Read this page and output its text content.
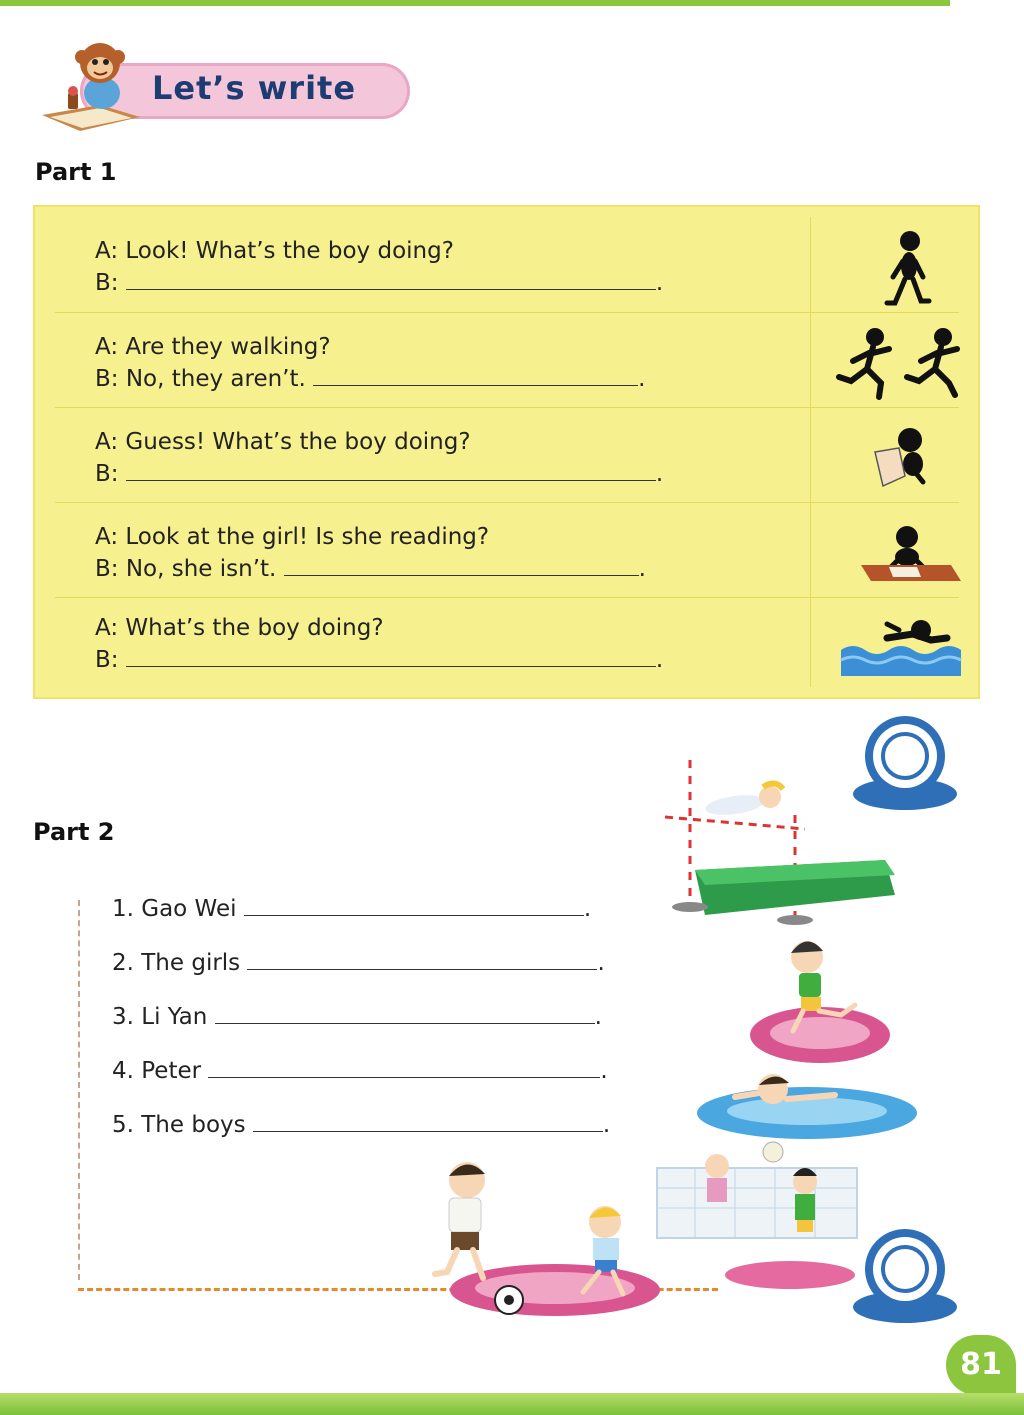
Let’s write
Part 1
A: Look! What’s the boy doing?
B:	.
A: Are they walking?
B: No, they aren’t.	.
A: Guess! What’s the boy doing?
B:	.
A: Look at the girl! Is she reading?
B: No, she isn’t.	.
A: What’s the boy doing?
B:	.
Part 2
1. Gao Wei	.
2. The girls	.
3. Li Yan	.
4. Peter	.
5. The boys	.
81
